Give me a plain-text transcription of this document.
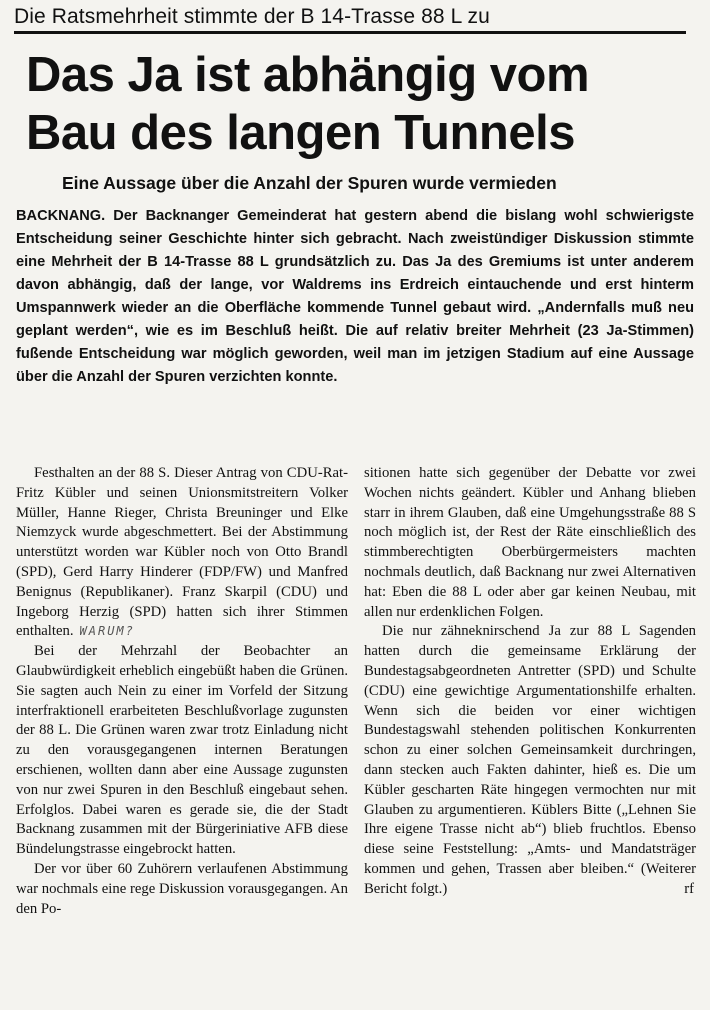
Die Ratsmehrheit stimmte der B 14-Trasse 88 L zu
Das Ja ist abhängig vom
Bau des langen Tunnels
Eine Aussage über die Anzahl der Spuren wurde vermieden
BACKNANG. Der Backnanger Gemeinderat hat gestern abend die bislang wohl schwierigste Entscheidung seiner Geschichte hinter sich gebracht. Nach zweistündiger Diskussion stimmte eine Mehrheit der B 14-Trasse 88 L grundsätzlich zu. Das Ja des Gremiums ist unter anderem davon abhängig, daß der lange, vor Waldrems ins Erdreich eintauchende und erst hinterm Umspannwerk wieder an die Oberfläche kommende Tunnel gebaut wird. „Andernfalls muß neu geplant werden“, wie es im Beschluß heißt. Die auf relativ breiter Mehrheit (23 Ja-Stimmen) fußende Entscheidung war möglich geworden, weil man im jetzigen Stadium auf eine Aussage über die Anzahl der Spuren verzichten konnte.

Festhalten an der 88 S. Dieser Antrag von CDU-Rat-Fritz Kübler und seinen Unionsmitstreitern Volker Müller, Hanne Rieger, Christa Breuninger und Elke Niemzyck wurde abgeschmettert. Bei der Abstimmung unterstützt worden war Kübler noch von Otto Brandl (SPD), Gerd Harry Hinderer (FDP/FW) und Manfred Benignus (Republikaner). Franz Skarpil (CDU) und Ingeborg Herzig (SPD) hatten sich ihrer Stimmen enthalten. WARUM?

Bei der Mehrzahl der Beobachter an Glaubwürdigkeit erheblich eingebüßt haben die Grünen. Sie sagten auch Nein zu einer im Vorfeld der Sitzung interfraktionell erarbeiteten Beschlußvorlage zugunsten der 88 L. Die Grünen waren zwar trotz Einladung nicht zu den vorausgegangenen internen Beratungen erschienen, wollten dann aber eine Aussage zugunsten von nur zwei Spuren in den Beschluß eingebaut sehen. Erfolglos. Dabei waren es gerade sie, die der Stadt Backnang zusammen mit der Bürgeriniative AFB diese Bündelungstrasse eingebrockt hatten.

Der vor über 60 Zuhörern verlaufenen Abstimmung war nochmals eine rege Diskussion vorausgegangen. An den Po-

sitionen hatte sich gegenüber der Debatte vor zwei Wochen nichts geändert. Kübler und Anhang blieben starr in ihrem Glauben, daß eine Umgehungsstraße 88 S noch möglich ist, der Rest der Räte einschließlich des stimmberechtigten Oberbürgermeisters machten nochmals deutlich, daß Backnang nur zwei Alternativen hat: Eben die 88 L oder aber gar keinen Neubau, mit allen nur erdenklichen Folgen.

Die nur zähneknirschend Ja zur 88 L Sagenden hatten durch die gemeinsame Erklärung der Bundestagsabgeordneten Antretter (SPD) und Schulte (CDU) eine gewichtige Argumentationshilfe erhalten. Wenn sich die beiden vor einer wichtigen Bundestagswahl stehenden politischen Konkurrenten schon zu einer solchen Gemeinsamkeit durchringen, dann stecken auch Fakten dahinter, hieß es. Die um Kübler gescharten Räte hingegen vermochten nur mit Glauben zu argumentieren. Küblers Bitte („Lehnen Sie Ihre eigene Trasse nicht ab“) blieb fruchtlos. Ebenso diese seine Feststellung: „Amts- und Mandatsträger kommen und gehen, Trassen aber bleiben.“ (Weiterer Bericht folgt.)	rf
